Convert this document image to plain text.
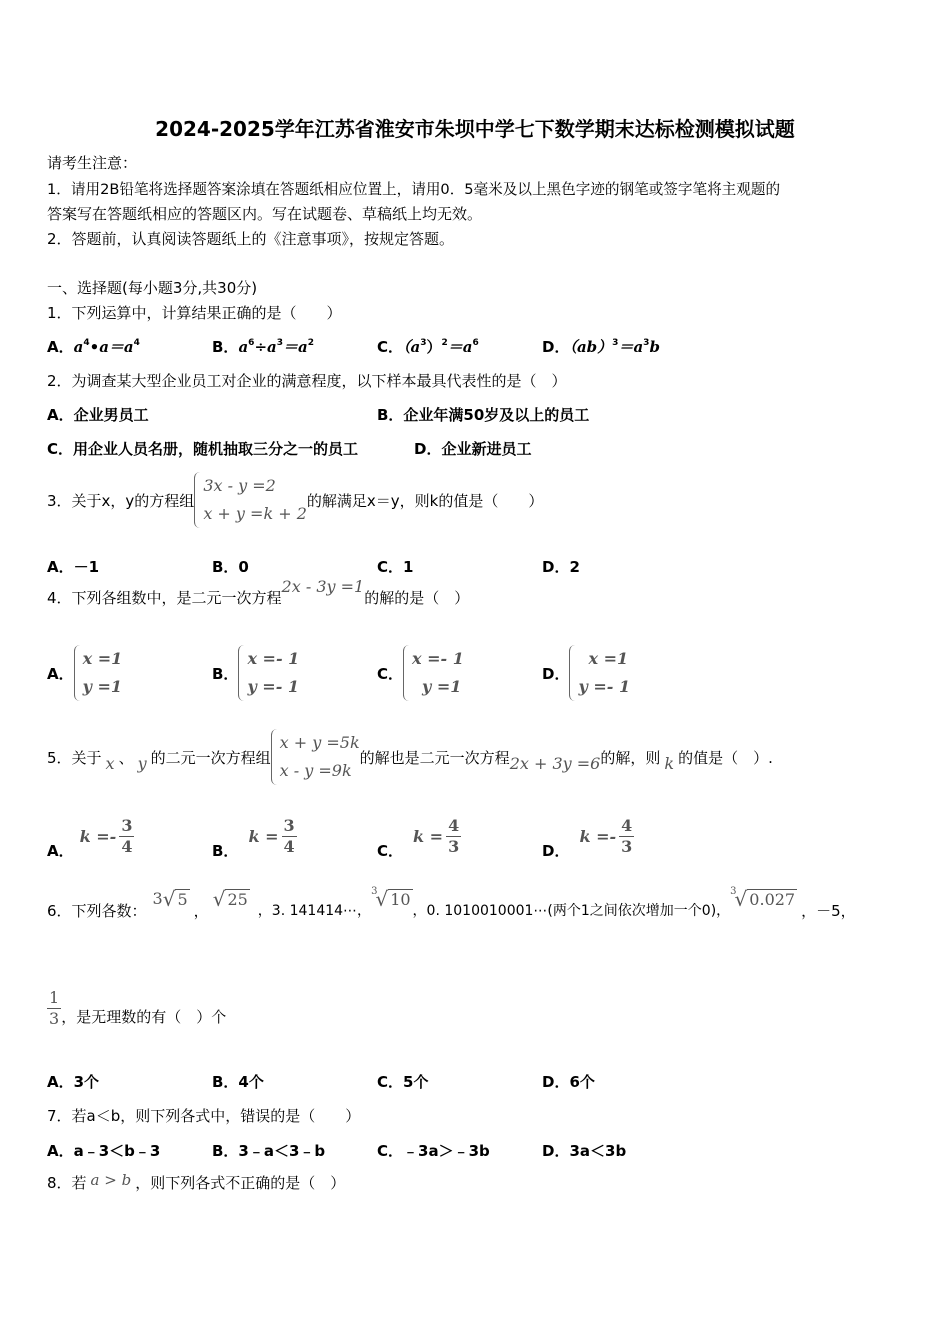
2024-2025学年江苏省淮安市朱坝中学七下数学期末达标检测模拟试题
请考生注意：
1．请用2B铅笔将选择题答案涂填在答题纸相应位置上，请用0．5毫米及以上黑色字迹的钢笔或签字笔将主观题的
答案写在答题纸相应的答题区内。写在试题卷、草稿纸上均无效。
2．答题前，认真阅读答题纸上的《注意事项》，按规定答题。
一、选择题(每小题3分,共30分)
1．下列运算中，计算结果正确的是（　　）
A．$a^4•a=a^4$	B．$a^6\div a^3=a^2$	C．$(a^3)^2=a^6$	D．$(ab)^3=a^3b$
2．为调查某大型企业员工对企业的满意程度，以下样本最具代表性的是（　）
A．企业男员工	B．企业年满50岁及以上的员工
C．用企业人员名册，随机抽取三分之一的员工	D．企业新进员工
3．关于x，y的方程组
3x - y =2
x + y =k + 2
的解满足x＝y，则k的值是（　　）
A．－1	B．0	C．1	D．2
4．下列各组数中，是二元一次方程
2x - 3y =1
的解的是（　）
A．
x =1
y =1
B．
x =- 1
y =- 1
C．
x =- 1
y =1
D．
x =1
y =- 1
5．关于 x 、 y 的二元一次方程组
x + y =5k
x - y =9k
的解也是二元一次方程 2x + 3y =6 的解，则 k 的值是（　）.
A．
$k =- \frac{3}{4}$	B．
$k = \frac{3}{4}$	C．
$k = \frac{4}{3}$	D．
$k =- \frac{4}{3}$
6．下列各数：
3 √ 5
， √ 25
，3. 141414⋯，
3
√ 10
，0. 1010010001⋯(两个1之间依次增加一个0)，
3
√ 0.027
，－5，
$\frac{1}{3}$ ，是无理数的有（　）个
A．3个	B．4个	C．5个	D．6个
7．若a＜b，则下列各式中，错误的是（　　）
A．a﹣3＜b﹣3	B．3﹣a＜3﹣b	C．﹣3a＞﹣3b	D．3a＜3b
8．若 a > b ，则下列各式不正确的是（　）
